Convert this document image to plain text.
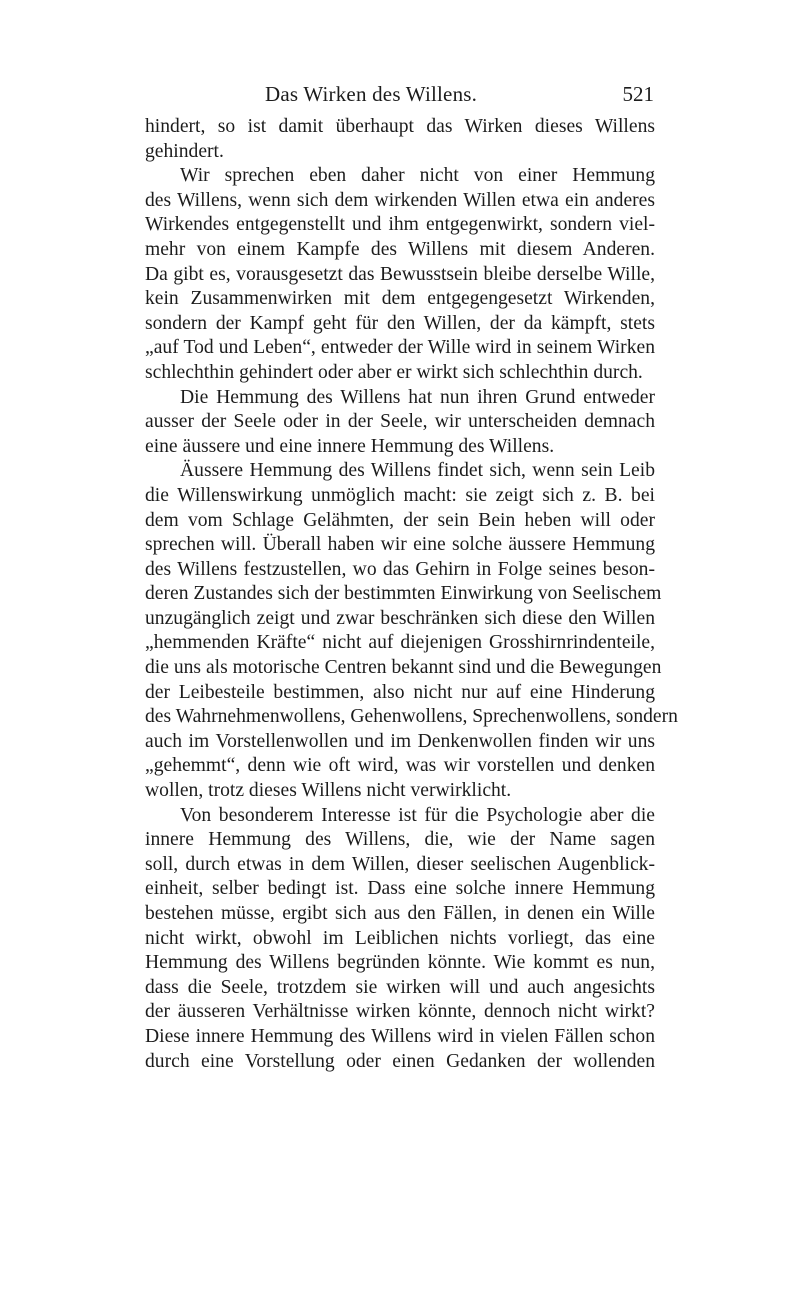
Das Wirken des Willens.	521
hindert, so ist damit überhaupt das Wirken dieses Willens
gehindert.
Wir sprechen eben daher nicht von einer Hemmung
des Willens, wenn sich dem wirkenden Willen etwa ein anderes
Wirkendes entgegenstellt und ihm entgegenwirkt, sondern viel-
mehr von einem Kampfe des Willens mit diesem Anderen.
Da gibt es, vorausgesetzt das Bewusstsein bleibe derselbe Wille,
kein Zusammenwirken mit dem entgegengesetzt Wirkenden,
sondern der Kampf geht für den Willen, der da kämpft, stets
„auf Tod und Leben“, entweder der Wille wird in seinem Wirken
schlechthin gehindert oder aber er wirkt sich schlechthin durch.
Die Hemmung des Willens hat nun ihren Grund entweder
ausser der Seele oder in der Seele, wir unterscheiden demnach
eine äussere und eine innere Hemmung des Willens.
Äussere Hemmung des Willens findet sich, wenn sein Leib
die Willenswirkung unmöglich macht: sie zeigt sich z. B. bei
dem vom Schlage Gelähmten, der sein Bein heben will oder
sprechen will. Überall haben wir eine solche äussere Hemmung
des Willens festzustellen, wo das Gehirn in Folge seines beson-
deren Zustandes sich der bestimmten Einwirkung von Seelischem
unzugänglich zeigt und zwar beschränken sich diese den Willen
„hemmenden Kräfte“ nicht auf diejenigen Grosshirnrindenteile,
die uns als motorische Centren bekannt sind und die Bewegungen
der Leibesteile bestimmen, also nicht nur auf eine Hinderung
des Wahrnehmenwollens, Gehenwollens, Sprechenwollens, sondern
auch im Vorstellenwollen und im Denkenwollen finden wir uns
„gehemmt“, denn wie oft wird, was wir vorstellen und denken
wollen, trotz dieses Willens nicht verwirklicht.
Von besonderem Interesse ist für die Psychologie aber die
innere Hemmung des Willens, die, wie der Name sagen
soll, durch etwas in dem Willen, dieser seelischen Augenblick-
einheit, selber bedingt ist. Dass eine solche innere Hemmung
bestehen müsse, ergibt sich aus den Fällen, in denen ein Wille
nicht wirkt, obwohl im Leiblichen nichts vorliegt, das eine
Hemmung des Willens begründen könnte. Wie kommt es nun,
dass die Seele, trotzdem sie wirken will und auch angesichts
der äusseren Verhältnisse wirken könnte, dennoch nicht wirkt?
Diese innere Hemmung des Willens wird in vielen Fällen schon
durch eine Vorstellung oder einen Gedanken der wollenden
